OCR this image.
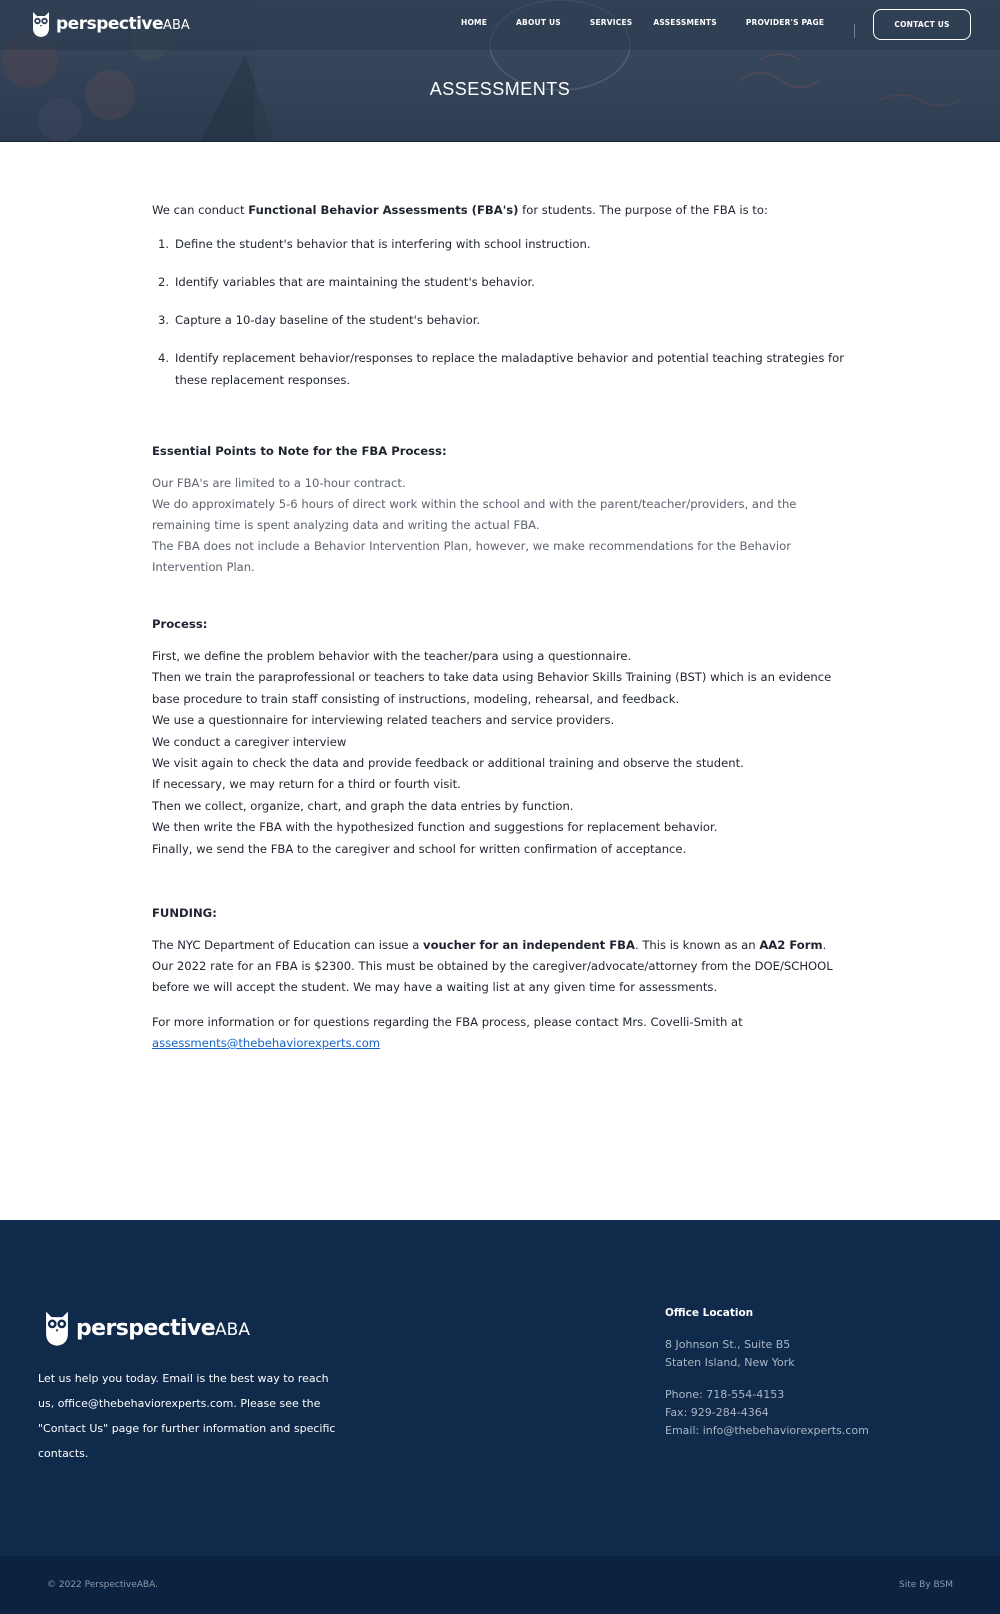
perspectiveABA	HOME	ABOUT US	SERVICES	ASSESSMENTS	PROVIDER'S PAGE	CONTACT US
ASSESSMENTS

We can conduct Functional Behavior Assessments (FBA's) for students. The purpose of the FBA is to:

1. Define the student's behavior that is interfering with school instruction.
2. Identify variables that are maintaining the student's behavior.
3. Capture a 10-day baseline of the student's behavior.
4. Identify replacement behavior/responses to replace the maladaptive behavior and potential teaching strategies for these replacement responses.

Essential Points to Note for the FBA Process:

Our FBA's are limited to a 10-hour contract.

We do approximately 5-6 hours of direct work within the school and with the parent/teacher/providers, and the remaining time is spent analyzing data and writing the actual FBA.

The FBA does not include a Behavior Intervention Plan, however, we make recommendations for the Behavior Intervention Plan.

Process:

First, we define the problem behavior with the teacher/para using a questionnaire.

Then we train the paraprofessional or teachers to take data using Behavior Skills Training (BST) which is an evidence base procedure to train staff consisting of instructions, modeling, rehearsal, and feedback.

We use a questionnaire for interviewing related teachers and service providers.

We conduct a caregiver interview

We visit again to check the data and provide feedback or additional training and observe the student.

If necessary, we may return for a third or fourth visit.

Then we collect, organize, chart, and graph the data entries by function.

We then write the FBA with the hypothesized function and suggestions for replacement behavior.

Finally, we send the FBA to the caregiver and school for written confirmation of acceptance.

FUNDING:

The NYC Department of Education can issue a voucher for an independent FBA. This is known as an AA2 Form.

Our 2022 rate for an FBA is $2300. This must be obtained by the caregiver/advocate/attorney from the DOE/SCHOOL before we will accept the student. We may have a waiting list at any given time for assessments.

For more information or for questions regarding the FBA process, please contact Mrs. Covelli-Smith at

assessments@thebehaviorexperts.com
perspectiveABA

Let us help you today. Email is the best way to reach us, office@thebehaviorexperts.com. Please see the "Contact Us" page for further information and specific contacts.

Office Location

8 Johnson St., Suite B5

Staten Island, New York

Phone: 718-554-4153

Fax: 929-284-4364

Email: info@thebehaviorexperts.com

© 2022 PerspectiveABA.	Site By BSM
